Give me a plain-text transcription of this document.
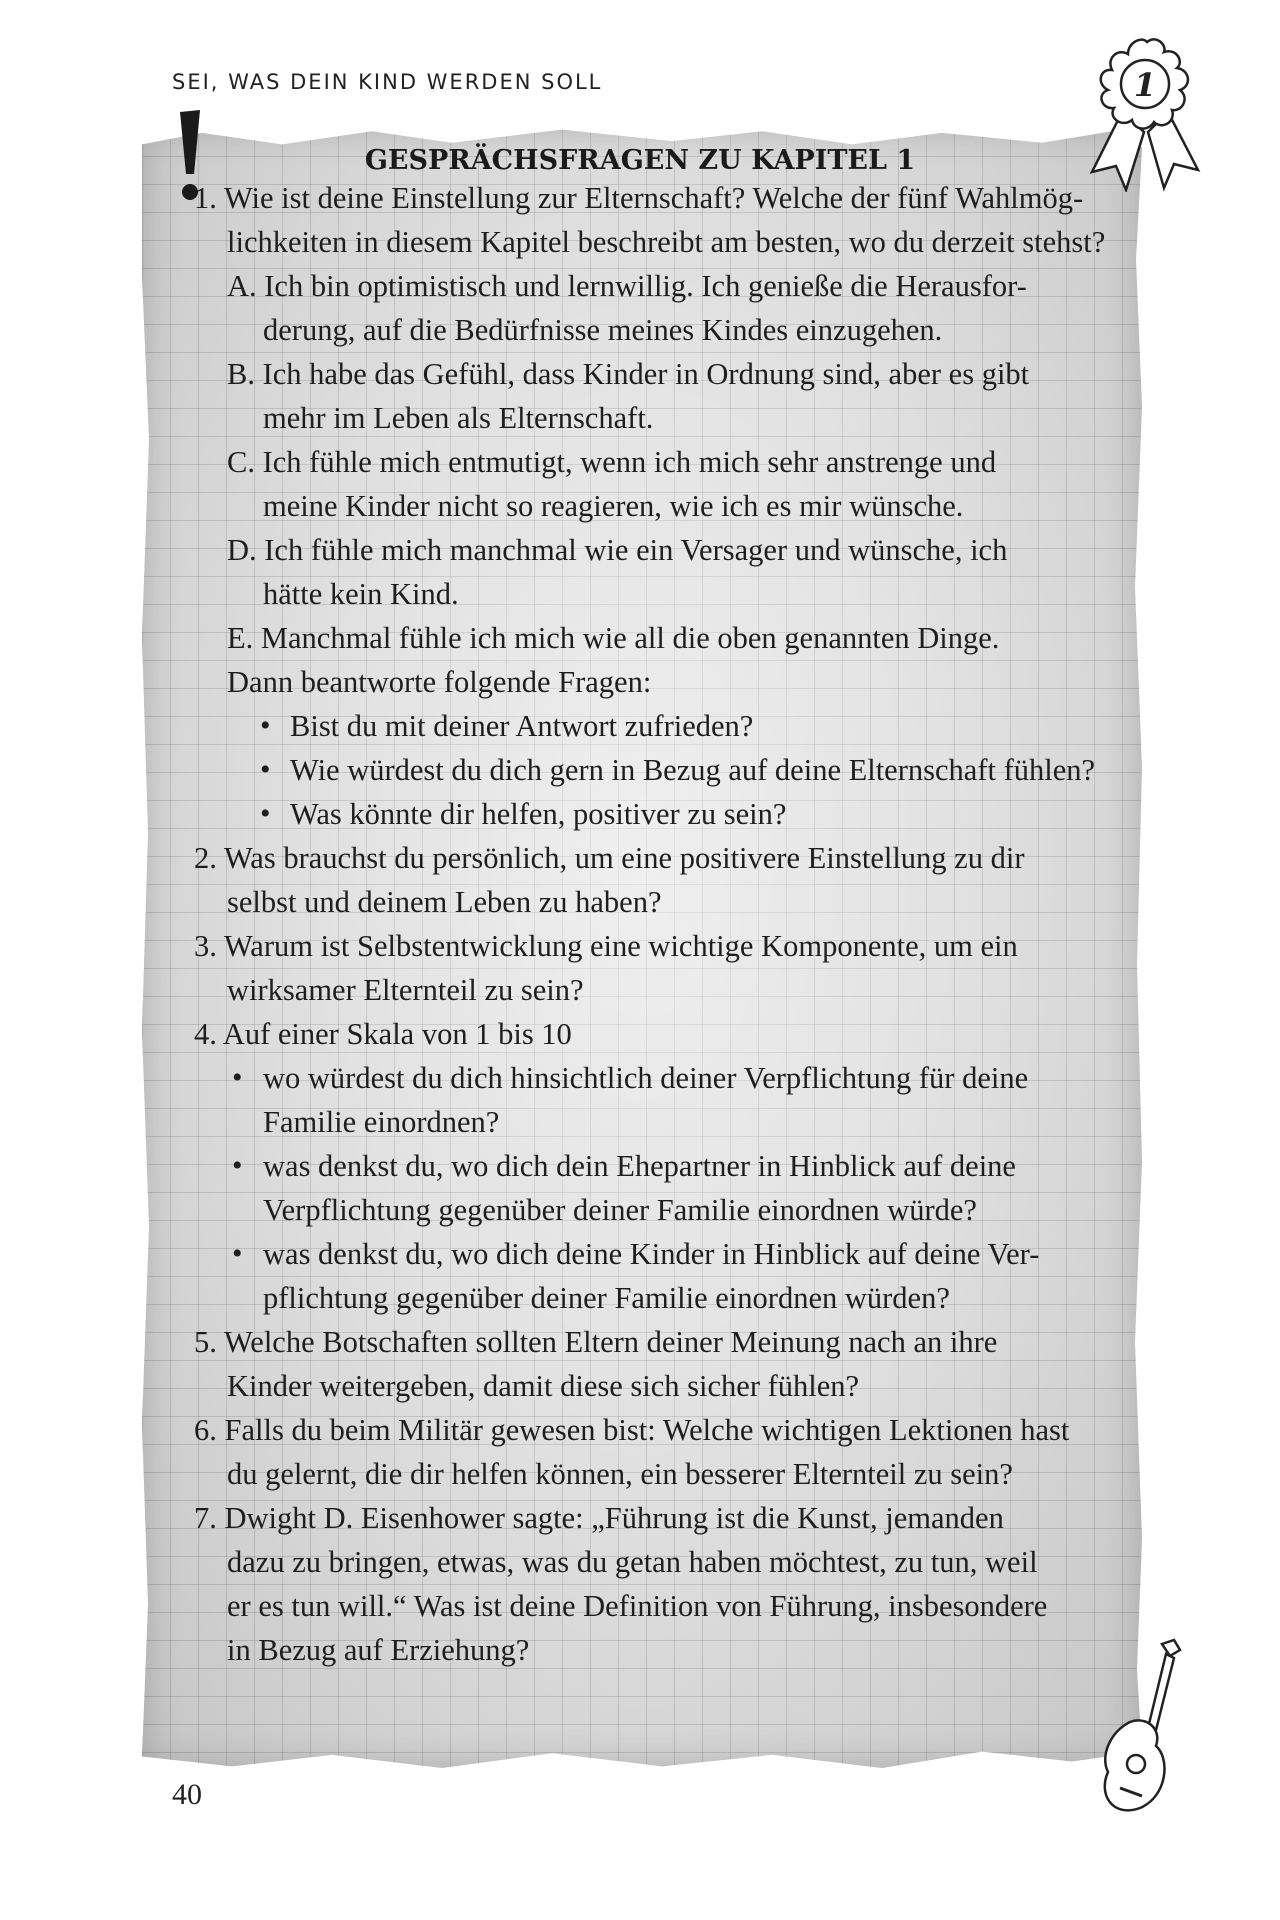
SEI, WAS DEIN KIND WERDEN SOLL	1
GESPRÄCHSFRAGEN ZU KAPITEL 1
1. Wie ist deine Einstellung zur Elternschaft? Welche der fünf Wahlmög-
lichkeiten in diesem Kapitel beschreibt am besten, wo du derzeit stehst?
A. Ich bin optimistisch und lernwillig. Ich genieße die Herausfor-
derung, auf die Bedürfnisse meines Kindes einzugehen.
B. Ich habe das Gefühl, dass Kinder in Ordnung sind, aber es gibt
mehr im Leben als Elternschaft.
C. Ich fühle mich entmutigt, wenn ich mich sehr anstrenge und
meine Kinder nicht so reagieren, wie ich es mir wünsche.
D. Ich fühle mich manchmal wie ein Versager und wünsche, ich
hätte kein Kind.
E. Manchmal fühle ich mich wie all die oben genannten Dinge.
Dann beantworte folgende Fragen:
• Bist du mit deiner Antwort zufrieden?
• Wie würdest du dich gern in Bezug auf deine Elternschaft fühlen?
• Was könnte dir helfen, positiver zu sein?
2. Was brauchst du persönlich, um eine positivere Einstellung zu dir
selbst und deinem Leben zu haben?
3. Warum ist Selbstentwicklung eine wichtige Komponente, um ein
wirksamer Elternteil zu sein?
4. Auf einer Skala von 1 bis 10
• wo würdest du dich hinsichtlich deiner Verpflichtung für deine
Familie einordnen?
• was denkst du, wo dich dein Ehepartner in Hinblick auf deine
Verpflichtung gegenüber deiner Familie einordnen würde?
• was denkst du, wo dich deine Kinder in Hinblick auf deine Ver-
pflichtung gegenüber deiner Familie einordnen würden?
5. Welche Botschaften sollten Eltern deiner Meinung nach an ihre
Kinder weitergeben, damit diese sich sicher fühlen?
6. Falls du beim Militär gewesen bist: Welche wichtigen Lektionen hast
du gelernt, die dir helfen können, ein besserer Elternteil zu sein?
7. Dwight D. Eisenhower sagte: „Führung ist die Kunst, jemanden
dazu zu bringen, etwas, was du getan haben möchtest, zu tun, weil
er es tun will.“ Was ist deine Definition von Führung, insbesondere
in Bezug auf Erziehung?
40
